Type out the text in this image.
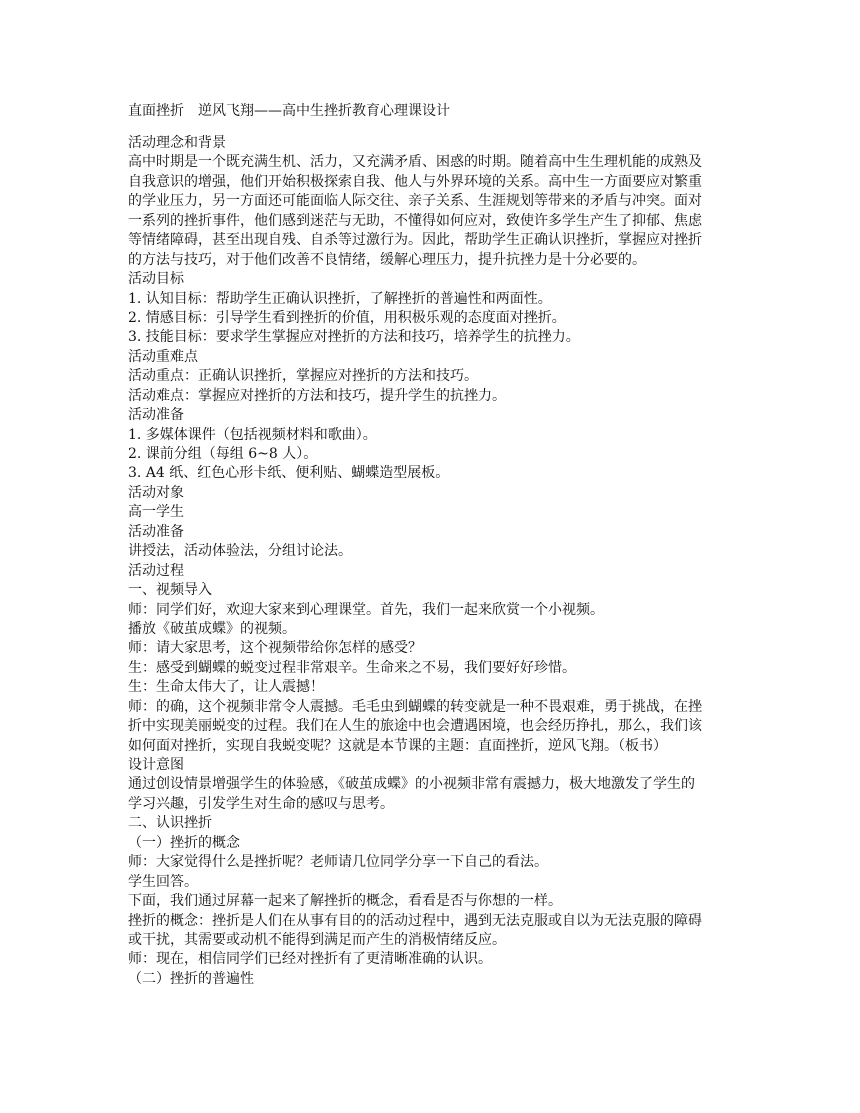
直面挫折　逆风飞翔——高中生挫折教育心理课设计
活动理念和背景
高中时期是一个既充满生机、活力，又充满矛盾、困惑的时期。随着高中生生理机能的成熟及
自我意识的增强，他们开始积极探索自我、他人与外界环境的关系。高中生一方面要应对繁重
的学业压力，另一方面还可能面临人际交往、亲子关系、生涯规划等带来的矛盾与冲突。面对
一系列的挫折事件，他们感到迷茫与无助，不懂得如何应对，致使许多学生产生了抑郁、焦虑
等情绪障碍，甚至出现自残、自杀等过激行为。因此，帮助学生正确认识挫折，掌握应对挫折
的方法与技巧，对于他们改善不良情绪，缓解心理压力，提升抗挫力是十分必要的。
活动目标
1. 认知目标：帮助学生正确认识挫折，了解挫折的普遍性和两面性。
2. 情感目标：引导学生看到挫折的价值，用积极乐观的态度面对挫折。
3. 技能目标：要求学生掌握应对挫折的方法和技巧，培养学生的抗挫力。
活动重难点
活动重点：正确认识挫折，掌握应对挫折的方法和技巧。
活动难点：掌握应对挫折的方法和技巧，提升学生的抗挫力。
活动准备
1. 多媒体课件（包括视频材料和歌曲）。
2. 课前分组（每组 6~8 人）。
3. A4 纸、红色心形卡纸、便利贴、蝴蝶造型展板。
活动对象
高一学生
活动准备
讲授法，活动体验法，分组讨论法。
活动过程
一、视频导入
师：同学们好，欢迎大家来到心理课堂。首先，我们一起来欣赏一个小视频。
播放《破茧成蝶》的视频。
师：请大家思考，这个视频带给你怎样的感受？
生：感受到蝴蝶的蜕变过程非常艰辛。生命来之不易，我们要好好珍惜。
生：生命太伟大了，让人震撼！
师：的确，这个视频非常令人震撼。毛毛虫到蝴蝶的转变就是一种不畏艰难，勇于挑战，在挫
折中实现美丽蜕变的过程。我们在人生的旅途中也会遭遇困境，也会经历挣扎，那么，我们该
如何面对挫折，实现自我蜕变呢？这就是本节课的主题：直面挫折，逆风飞翔。（板书）
设计意图
通过创设情景增强学生的体验感，《破茧成蝶》的小视频非常有震撼力，极大地激发了学生的
学习兴趣，引发学生对生命的感叹与思考。
二、认识挫折
（一）挫折的概念
师：大家觉得什么是挫折呢？老师请几位同学分享一下自己的看法。
学生回答。
下面，我们通过屏幕一起来了解挫折的概念，看看是否与你想的一样。
挫折的概念：挫折是人们在从事有目的的活动过程中，遇到无法克服或自以为无法克服的障碍
或干扰，其需要或动机不能得到满足而产生的消极情绪反应。
师：现在，相信同学们已经对挫折有了更清晰准确的认识。
（二）挫折的普遍性
